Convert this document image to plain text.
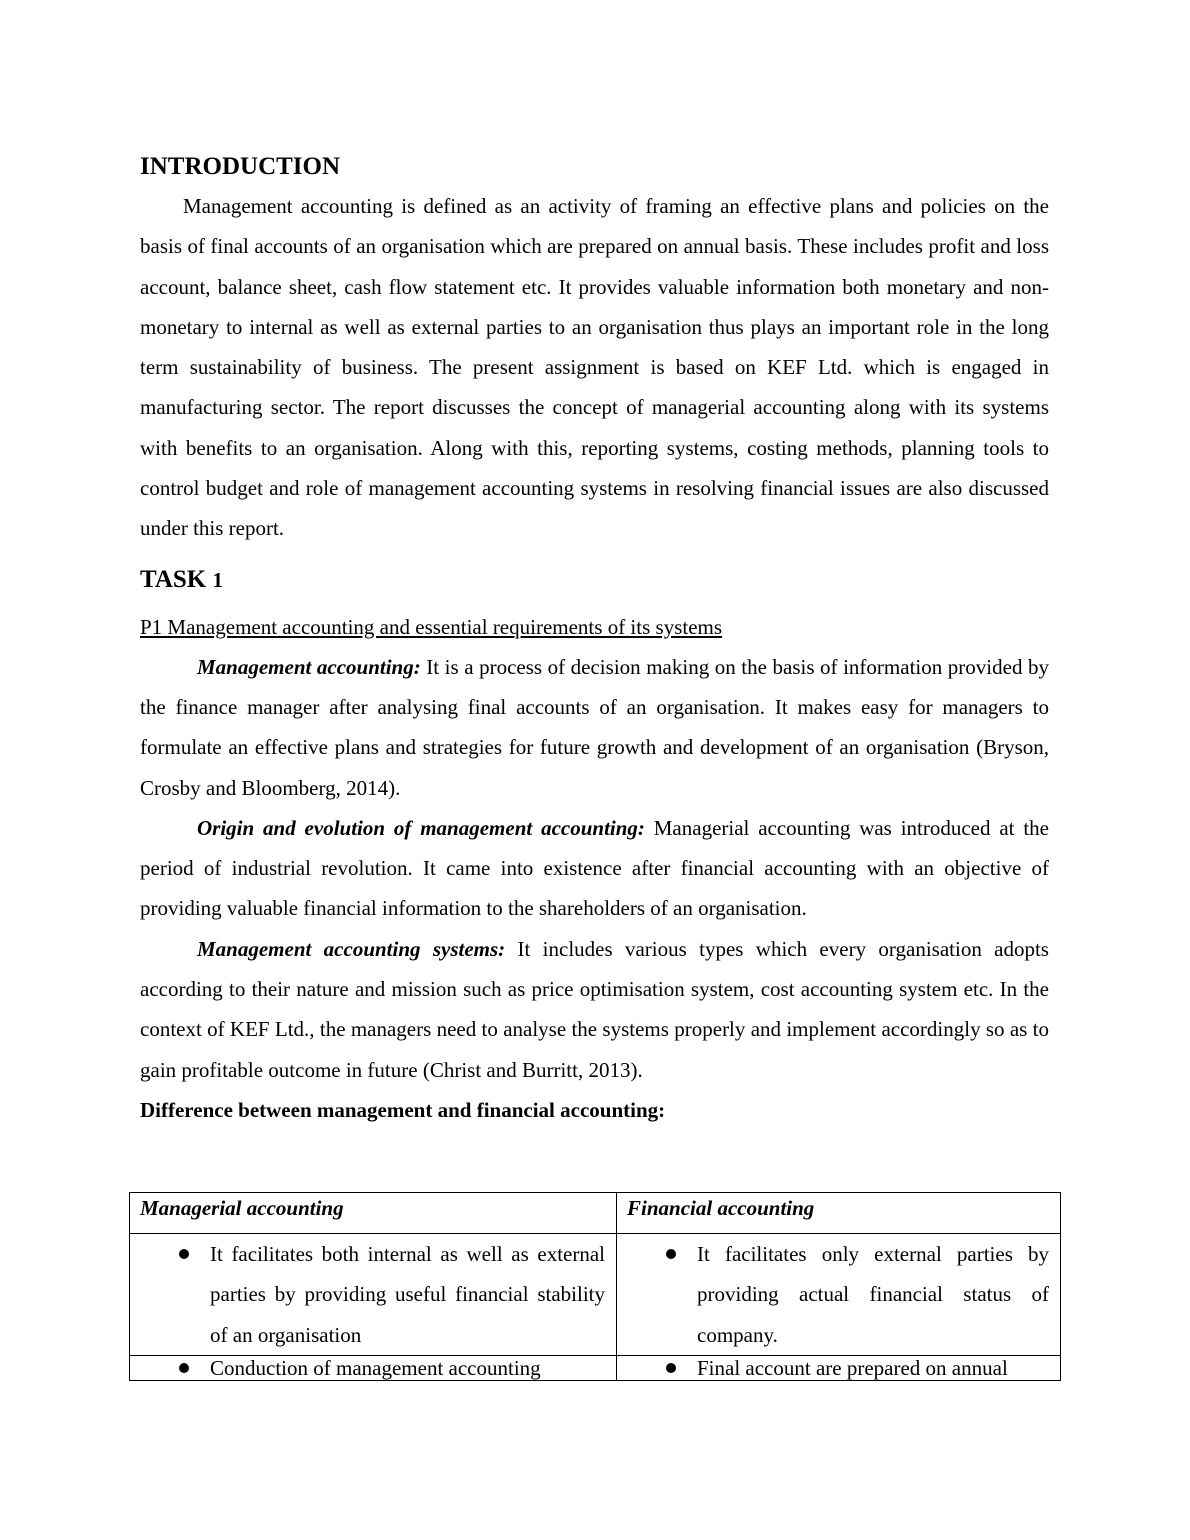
INTRODUCTION

Management accounting is defined as an activity of framing an effective plans and policies on the basis of final accounts of an organisation which are prepared on annual basis. These includes profit and loss account, balance sheet, cash flow statement etc. It provides valuable information both monetary and non-monetary to internal as well as external parties to an organisation thus plays an important role in the long term sustainability of business. The present assignment is based on KEF Ltd. which is engaged in manufacturing sector. The report discusses the concept of managerial accounting along with its systems with benefits to an organisation. Along with this, reporting systems, costing methods, planning tools to control budget and role of management accounting systems in resolving financial issues are also discussed under this report.

TASK 1

P1 Management accounting and essential requirements of its systems

Management accounting: It is a process of decision making on the basis of information provided by the finance manager after analysing final accounts of an organisation. It makes easy for managers to formulate an effective plans and strategies for future growth and development of an organisation (Bryson, Crosby and Bloomberg, 2014).

Origin and evolution of management accounting: Managerial accounting was introduced at the period of industrial revolution. It came into existence after financial accounting with an objective of providing valuable financial information to the shareholders of an organisation.

Management accounting systems: It includes various types which every organisation adopts according to their nature and mission such as price optimisation system, cost accounting system etc. In the context of KEF Ltd., the managers need to analyse the systems properly and implement accordingly so as to gain profitable outcome in future (Christ and Burritt, 2013).

Difference between management and financial accounting:

Managerial accounting	Financial accounting

It facilitates both internal as well as external parties by providing useful financial stability of an organisation	It facilitates only external parties by providing actual financial status of company.

Conduction of management accounting	Final account are prepared on annual
